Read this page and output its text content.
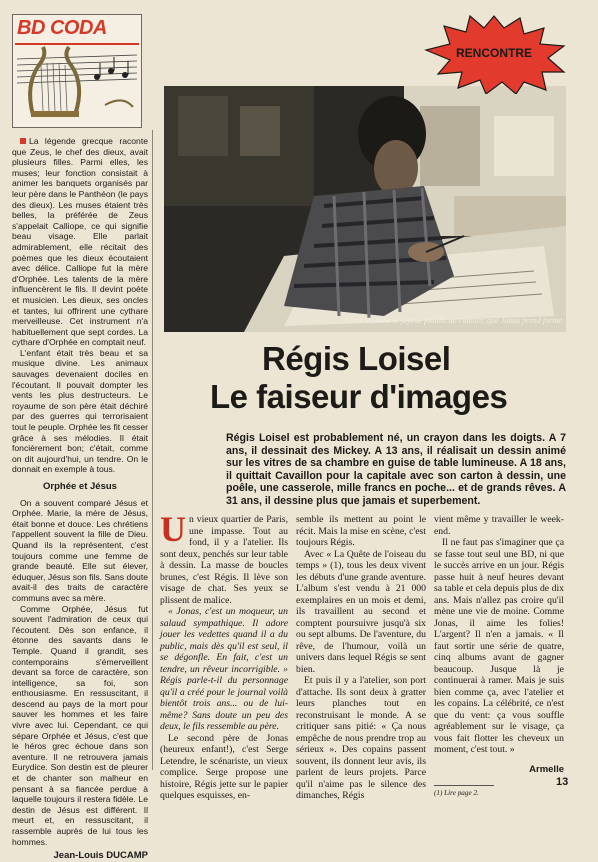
BD CODA

La légende grecque raconte que Zeus, le chef des dieux, avait plusieurs filles. Parmi elles, les muses; leur fonction consistait à animer les banquets organisés par leur père dans le Panthéon (le pays des dieux). Les muses étaient très belles, la préférée de Zeus s'appelait Calliope, ce qui signifie beau visage. Elle parlait admirablement, elle récitait des poèmes que les dieux écoutaient avec délice. Calliope fut la mère d'Orphée. Les talents de la mère influencèrent le fils. Il devint poète et musicien. Les dieux, ses oncles et tantes, lui offrirent une cythare merveilleuse. Cet instrument n'a habituellement que sept cordes. La cythare d'Orphée en comptait neuf.

L'enfant était très beau et sa musique divine. Les animaux sauvages devenaient dociles en l'écoutant. Il pouvait dompter les vents les plus destructeurs. Le royaume de son père était déchiré par des guerres qui terrorisaient tout le peuple. Orphée les fit cesser grâce à ses mélodies. Il était foncièrement bon; c'était, comme on dit aujourd'hui, un tendre. On le donnait en exemple à tous.

Orphée et Jésus

On a souvent comparé Jésus et Orphée. Marie, la mère de Jésus, était bonne et douce. Les chrétiens l'appellent souvent la fille de Dieu. Quand ils la représentent, c'est toujours comme une femme de grande beauté. Elle sut élever, éduquer, Jésus son fils. Sans doute avait-il des traits de caractère communs avec sa mère.

Comme Orphée, Jésus fut souvent l'admiration de ceux qui l'écoutent. Dès son enfance, il étonne des savants dans le Temple. Quand il grandit, ses contemporains s'émerveillent devant sa force de caractère, son intelligence, sa foi, son enthousiasme. En ressuscitant, il descend au pays de la mort pour sauver les hommes et les faire vivre avec lui. Cependant, ce qui sépare Orphée et Jésus, c'est que le héros grec échoue dans son aventure. Il ne retrouvera jamais Eurydice. Son destin est de pleurer et de chanter son malheur en pensant à sa fiancée perdue à laquelle toujours il restera fidèle. Le destin de Jésus est différent. Il meurt et, en ressuscitant, il rassemble auprès de lui tous les hommes.

Jean-Louis DUCAMP
C'est là, dans le joyeux fouillis de l'atelier, que Jonas prend forme.
RENCONTRE
Régis Loisel
Le faiseur d'images
Régis Loisel est probablement né, un crayon dans les doigts. A 7 ans, il dessinait des Mickey. A 13 ans, il réalisait un dessin animé sur les vitres de sa chambre en guise de table lumineuse. A 18 ans, il quittait Cavaillon pour la capitale avec son carton à dessin, une poêle, une casserole, mille francs en poche... et de grands rêves. A 31 ans, il dessine plus que jamais et superbement.

Un vieux quartier de Paris, une impasse. Tout au fond, il y a l'atelier. Ils sont deux, penchés sur leur table à dessin. La masse de boucles brunes, c'est Régis. Il lève son visage de chat. Ses yeux se plissent de malice.

« Jonas, c'est un moqueur, un salaud sympathique. Il adore jouer les vedettes quand il a du public, mais dès qu'il est seul, il se dégonfle. En fait, c'est un tendre, un rêveur incorrigible. » Régis parle-t-il du personnage qu'il a créé pour le journal voilà bientôt trois ans... ou de lui-même? Sans doute un peu des deux, le fils ressemble au père.

Le second père de Jonas (heureux enfant!), c'est Serge Letendre, le scénariste, un vieux complice. Serge propose une histoire, Régis jette sur le papier quelques esquisses, en-

semble ils mettent au point le récit. Mais la mise en scène, c'est toujours Régis.

Avec « La Quête de l'oiseau du temps » (1), tous les deux vivent les débuts d'une grande aventure. L'album s'est vendu à 21 000 exemplaires en un mois et demi, ils travaillent au second et comptent poursuivre jusqu'à six ou sept albums. De l'aventure, du rêve, de l'humour, voilà un univers dans lequel Régis se sent bien.

Et puis il y a l'atelier, son port d'attache. Ils sont deux à gratter leurs planches tout en reconstruisant le monde. A se critiquer sans pitié: « Ça nous empêche de nous prendre trop au sérieux ». Des copains passent souvent, ils donnent leur avis, ils parlent de leurs projets. Parce qu'il n'aime pas le silence des dimanches, Régis

vient même y travailler le week-end.

Il ne faut pas s'imaginer que ça se fasse tout seul une BD, ni que le succès arrive en un jour. Régis passe huit à neuf heures devant sa table et cela depuis plus de dix ans. Mais n'allez pas croire qu'il mène une vie de moine. Comme Jonas, il aime les folies! L'argent? Il n'en a jamais. « Il faut sortir une série de quatre, cinq albums avant de gagner beaucoup. Jusque là je continuerai à ramer. Mais je suis bien comme ça, avec l'atelier et les copains. La célébrité, ce n'est que du vent: ça vous souffle agréablement sur le visage, ça vous fait flotter les cheveux un moment, c'est tout. »

Armelle
(1) Lire page 2.
13
